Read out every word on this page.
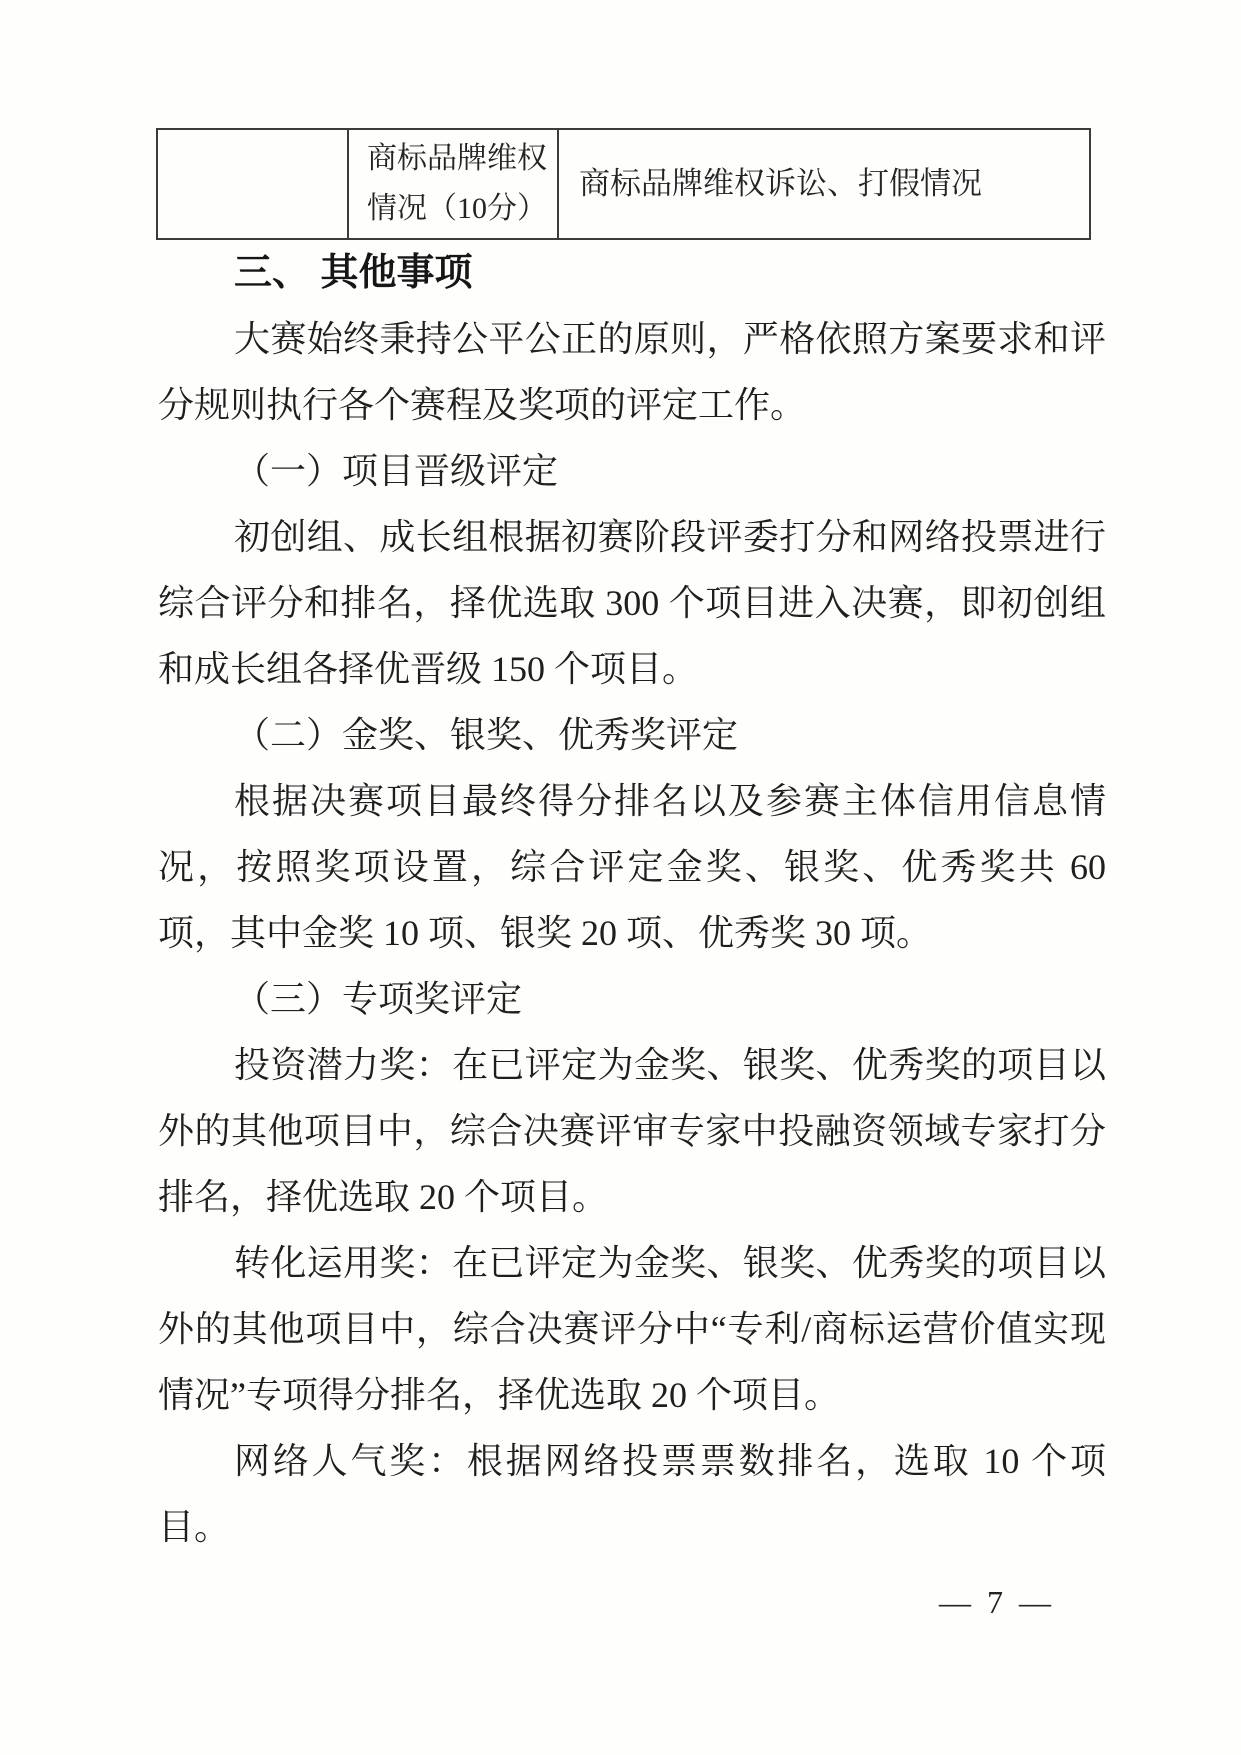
	商标品牌维权情况（10分）	商标品牌维权诉讼、打假情况
三、 其他事项

大赛始终秉持公平公正的原则，严格依照方案要求和评分规则执行各个赛程及奖项的评定工作。

（一）项目晋级评定

初创组、成长组根据初赛阶段评委打分和网络投票进行综合评分和排名，择优选取 300 个项目进入决赛，即初创组和成长组各择优晋级 150 个项目。

（二）金奖、银奖、优秀奖评定

根据决赛项目最终得分排名以及参赛主体信用信息情况，按照奖项设置，综合评定金奖、银奖、优秀奖共 60 项，其中金奖 10 项、银奖 20 项、优秀奖 30 项。

（三）专项奖评定

投资潜力奖：在已评定为金奖、银奖、优秀奖的项目以外的其他项目中，综合决赛评审专家中投融资领域专家打分排名，择优选取 20 个项目。

转化运用奖：在已评定为金奖、银奖、优秀奖的项目以外的其他项目中，综合决赛评分中“专利/商标运营价值实现情况”专项得分排名，择优选取 20 个项目。

网络人气奖：根据网络投票票数排名，选取 10 个项目。

— 7 —
